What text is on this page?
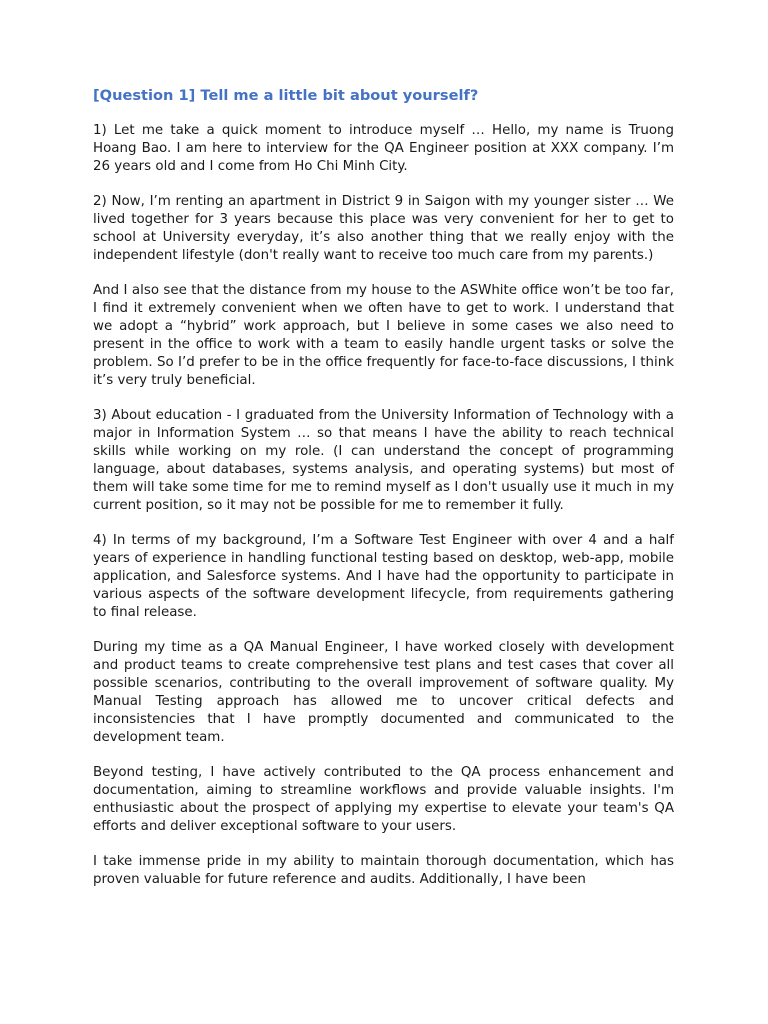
[Question 1] Tell me a little bit about yourself?

1) Let me take a quick moment to introduce myself … Hello, my name is Truong Hoang Bao. I am here to interview for the QA Engineer position at XXX company. I’m 26 years old and I come from Ho Chi Minh City.

2) Now, I’m renting an apartment in District 9 in Saigon with my younger sister … We lived together for 3 years because this place was very convenient for her to get to school at University everyday, it’s also another thing that we really enjoy with the independent lifestyle (don't really want to receive too much care from my parents.)

And I also see that the distance from my house to the ASWhite office won’t be too far, I find it extremely convenient when we often have to get to work. I understand that we adopt a “hybrid” work approach, but I believe in some cases we also need to present in the office to work with a team to easily handle urgent tasks or solve the problem. So I’d prefer to be in the office frequently for face-to-face discussions, I think it’s very truly beneficial.

3) About education - I graduated from the University Information of Technology with a major in Information System … so that means I have the ability to reach technical skills while working on my role. (I can understand the concept of programming language, about databases, systems analysis, and operating systems) but most of them will take some time for me to remind myself as I don't usually use it much in my current position, so it may not be possible for me to remember it fully.

4) In terms of my background, I’m a Software Test Engineer with over 4 and a half years of experience in handling functional testing based on desktop, web-app, mobile application, and Salesforce systems. And I have had the opportunity to participate in various aspects of the software development lifecycle, from requirements gathering to final release.

During my time as a QA Manual Engineer, I have worked closely with development and product teams to create comprehensive test plans and test cases that cover all possible scenarios, contributing to the overall improvement of software quality. My Manual Testing approach has allowed me to uncover critical defects and inconsistencies that I have promptly documented and communicated to the development team.

Beyond testing, I have actively contributed to the QA process enhancement and documentation, aiming to streamline workflows and provide valuable insights. I'm enthusiastic about the prospect of applying my expertise to elevate your team's QA efforts and deliver exceptional software to your users.

I take immense pride in my ability to maintain thorough documentation, which has proven valuable for future reference and audits. Additionally, I have been
